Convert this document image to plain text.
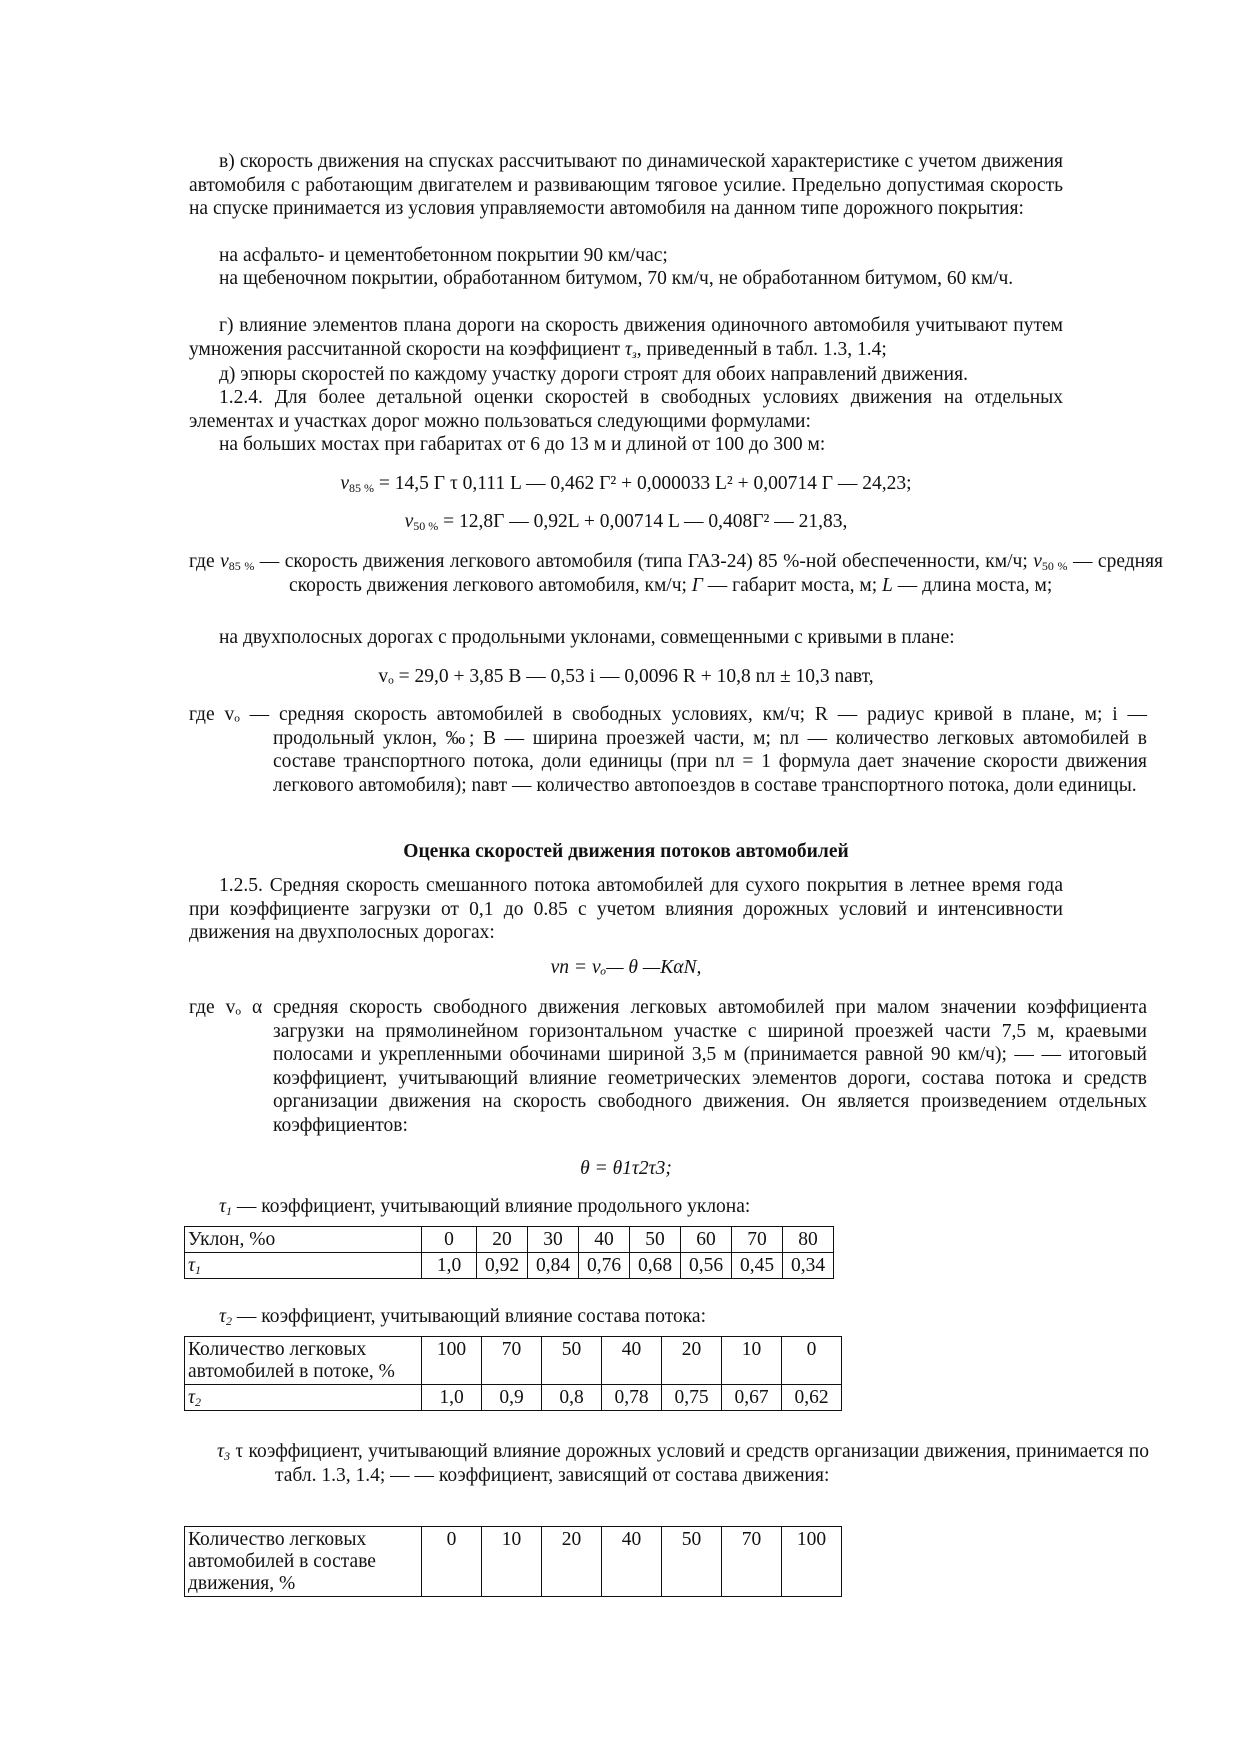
в) скорость движения на спусках рассчитывают по динамической характеристике с учетом движения автомобиля с работающим двигателем и развивающим тяговое усилие. Предельно допустимая скорость на спуске принимается из условия управляемости автомобиля на данном типе дорожного покрытия:

на асфальто- и цементобетонном покрытии 90 км/час;

на щебеночном покрытии, обработанном битумом, 70 км/ч, не обработанном битумом, 60 км/ч.

г) влияние элементов плана дороги на скорость движения одиночного автомобиля учитывают путем умножения рассчитанной скорости на коэффициент $\tau_з$, приведенный в табл. 1.3, 1.4;

д) эпюры скоростей по каждому участку дороги строят для обоих направлений движения.

1.2.4. Для более детальной оценки скоростей в свободных условиях движения на отдельных элементах и участках дорог можно пользоваться следующими формулами:

на больших мостах при габаритах от 6 до 13 м и длиной от 100 до 300 м:

$v_{85 \%} = 14,5$ Г τ 0,111 L — 0,462 Г² + 0,000033 L² + 0,00714 Г — 24,23;
$v_{50 \%} = 12,8Г$ — 0,92L + 0,00714 L — 0,408Г² — 21,83,

где $v_{85 \%}$ — скорость движения легкового автомобиля (типа ГАЗ-24) 85 %-ной обеспеченности, км/ч; $v_{50 \%}$ — средняя скорость движения легкового автомобиля, км/ч; Г — габарит моста, м; L — длина моста, м;

на двухполосных дорогах с продольными уклонами, совмещенными с кривыми в плане:

vₒ = 29,0 + 3,85 B — 0,53 i — 0,0096 R + 10,8 nл ± 10,3 nавт,

где vₒ — средняя скорость автомобилей в свободных условиях, км/ч; R — радиус кривой в плане, м; i — продольный уклон, ‰; B — ширина проезжей части, м; nл — количество легковых автомобилей в составе транспортного потока, доли единицы (при nл = 1 формула дает значение скорости движения легкового автомобиля); nавт — количество автопоездов в составе транспортного потока, доли единицы.

Оценка скоростей движения потоков автомобилей

1.2.5. Средняя скорость смешанного потока автомобилей для сухого покрытия в летнее время года при коэффициенте загрузки от 0,1 до 0.85 с учетом влияния дорожных условий и интенсивности движения на двухполосных дорогах:

vп = vₒ— θ —KαN,

где vₒ α средняя скорость свободного движения легковых автомобилей при малом значении коэффициента загрузки на прямолинейном горизонтальном участке с шириной проезжей части 7,5 м, краевыми полосами и укрепленными обочинами шириной 3,5 м (принимается равной 90 км/ч); — — итоговый коэффициент, учитывающий влияние геометрических элементов дороги, состава потока и средств организации движения на скорость свободного движения. Он является произведением отдельных коэффициентов:

θ = θ1τ2τ3;

$\tau_1$ — коэффициент, учитывающий влияние продольного уклона:

Уклон, %о	0	20	30	40	50	60	70	80
$\tau_1$	1,0	0,92	0,84	0,76	0,68	0,56	0,45	0,34

$\tau_2$ — коэффициент, учитывающий влияние состава потока:

Количество легковых автомобилей в потоке, %	100	70	50	40	20	10	0
$\tau_2$	1,0	0,9	0,8	0,78	0,75	0,67	0,62

$\tau_3$ τ коэффициент, учитывающий влияние дорожных условий и средств организации движения, принимается по табл. 1.3, 1.4; — — коэффициент, зависящий от состава движения:

Количество легковых автомобилей в составе движения, %	0	10	20	40	50	70	100
